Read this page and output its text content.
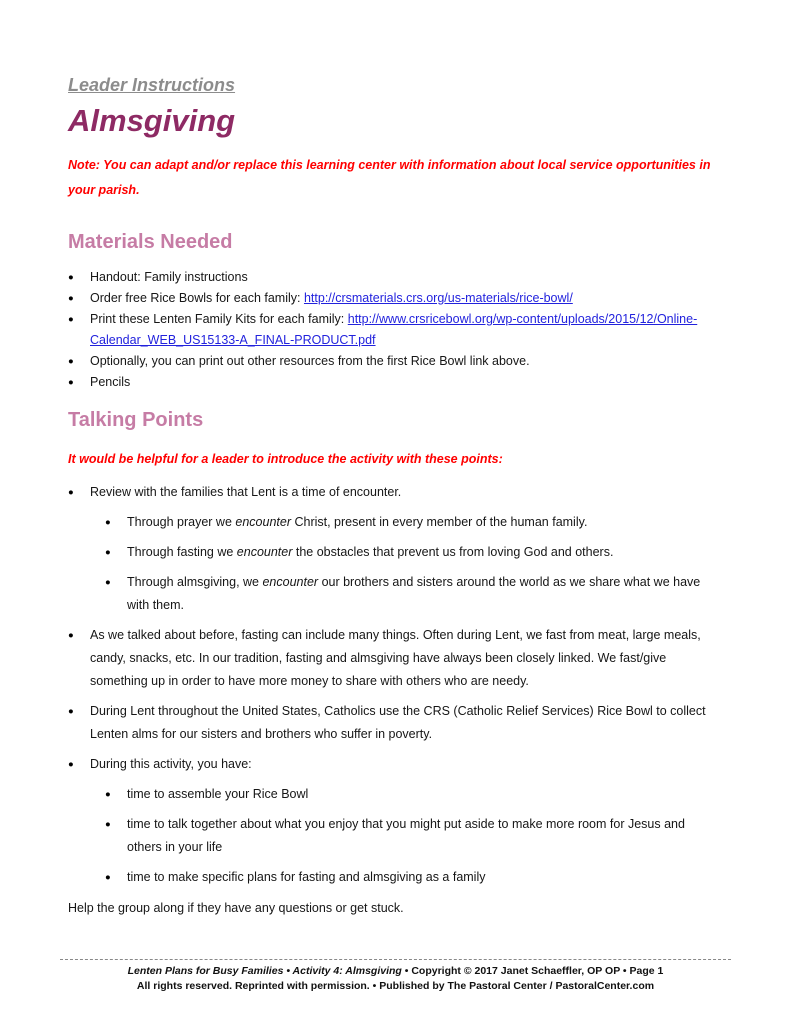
Leader Instructions
Almsgiving

Note: You can adapt and/or replace this learning center with information about local service opportunities in your parish.

Materials Needed
●	Handout: Family instructions
●	Order free Rice Bowls for each family: http://crsmaterials.crs.org/us-materials/rice-bowl/
●	Print these Lenten Family Kits for each family: http://www.crsricebowl.org/wp-content/uploads/2015/12/Online-Calendar_WEB_US15133-A_FINAL-PRODUCT.pdf
●	Optionally, you can print out other resources from the first Rice Bowl link above.
●	Pencils
Talking Points

It would be helpful for a leader to introduce the activity with these points:

●	Review with the families that Lent is a time of encounter.
●	Through prayer we encounter Christ, present in every member of the human family.
●	Through fasting we encounter the obstacles that prevent us from loving God and others.
●	Through almsgiving, we encounter our brothers and sisters around the world as we share what we have with them.
●	As we talked about before, fasting can include many things. Often during Lent, we fast from meat, large meals, candy, snacks, etc. In our tradition, fasting and almsgiving have always been closely linked. We fast/give something up in order to have more money to share with others who are needy.
●	During Lent throughout the United States, Catholics use the CRS (Catholic Relief Services) Rice Bowl to collect Lenten alms for our sisters and brothers who suffer in poverty.
●	During this activity, you have:
●	time to assemble your Rice Bowl
●	time to talk together about what you enjoy that you might put aside to make more room for Jesus and others in your life
●	time to make specific plans for fasting and almsgiving as a family

Help the group along if they have any questions or get stuck.

Lenten Plans for Busy Families • Activity 4: Almsgiving • Copyright © 2017 Janet Schaeffler, OP OP • Page 1
All rights reserved. Reprinted with permission. • Published by The Pastoral Center / PastoralCenter.com
